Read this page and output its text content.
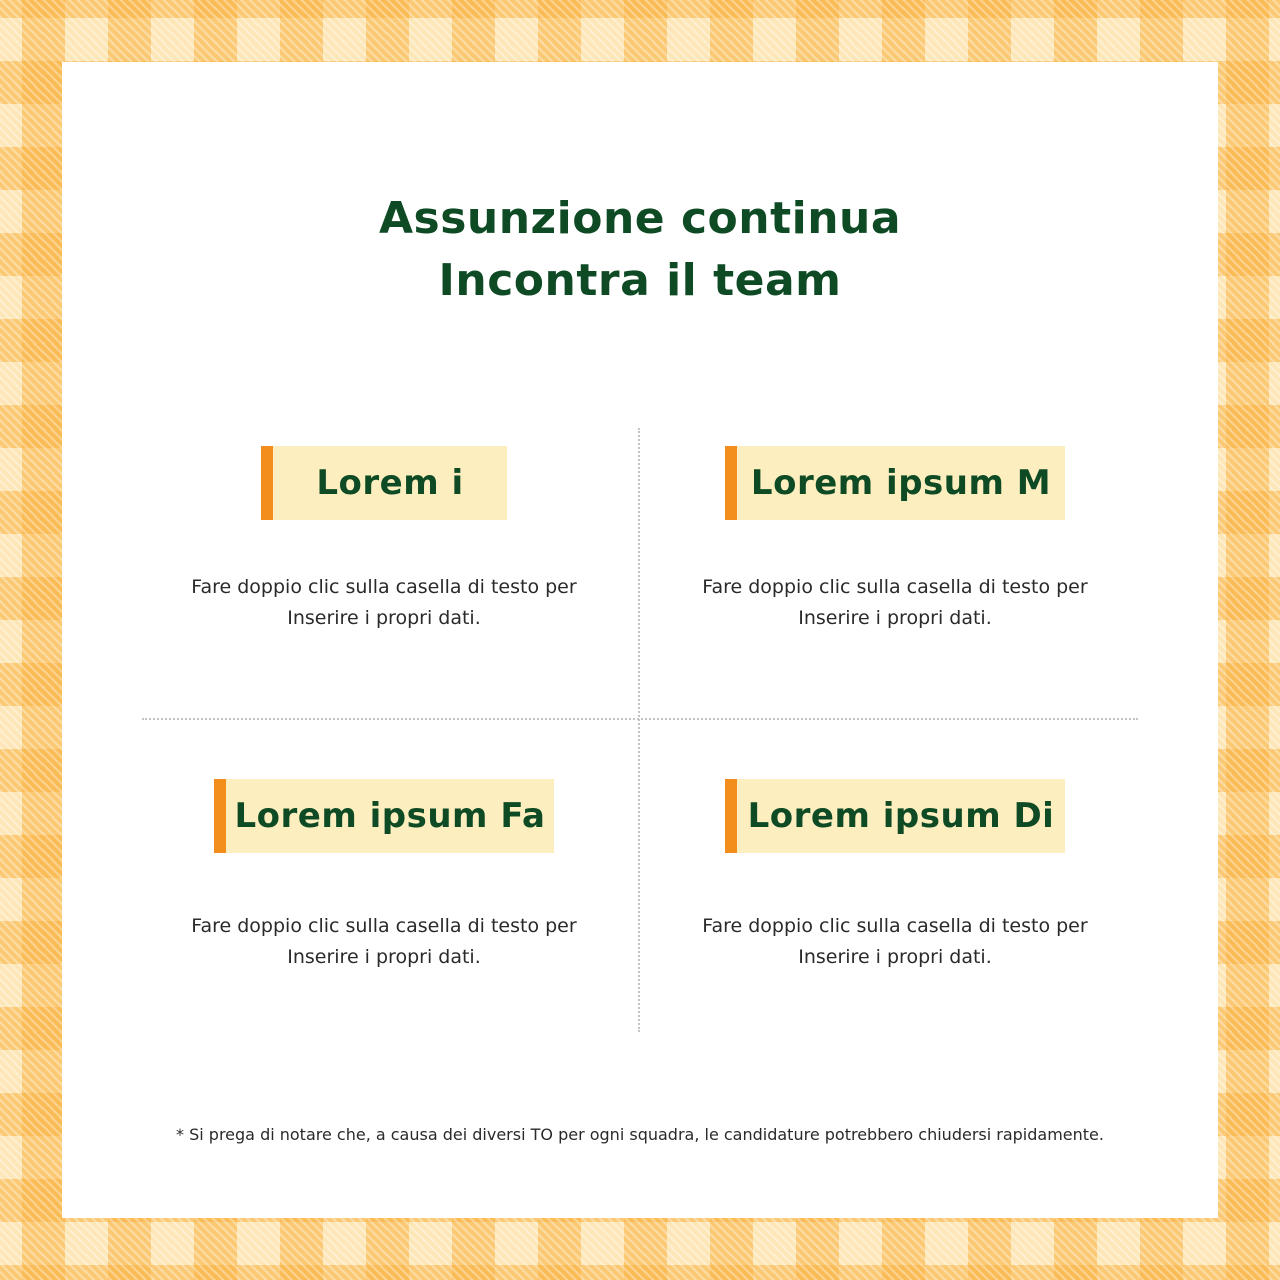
Assunzione continua
Incontra il team
Lorem i
Fare doppio clic sulla casella di testo per
Inserire i propri dati.
Lorem ipsum M
Fare doppio clic sulla casella di testo per
Inserire i propri dati.
Lorem ipsum Fa
Fare doppio clic sulla casella di testo per
Inserire i propri dati.
Lorem ipsum Di
Fare doppio clic sulla casella di testo per
Inserire i propri dati.
* Si prega di notare che, a causa dei diversi TO per ogni squadra, le candidature potrebbero chiudersi rapidamente.
